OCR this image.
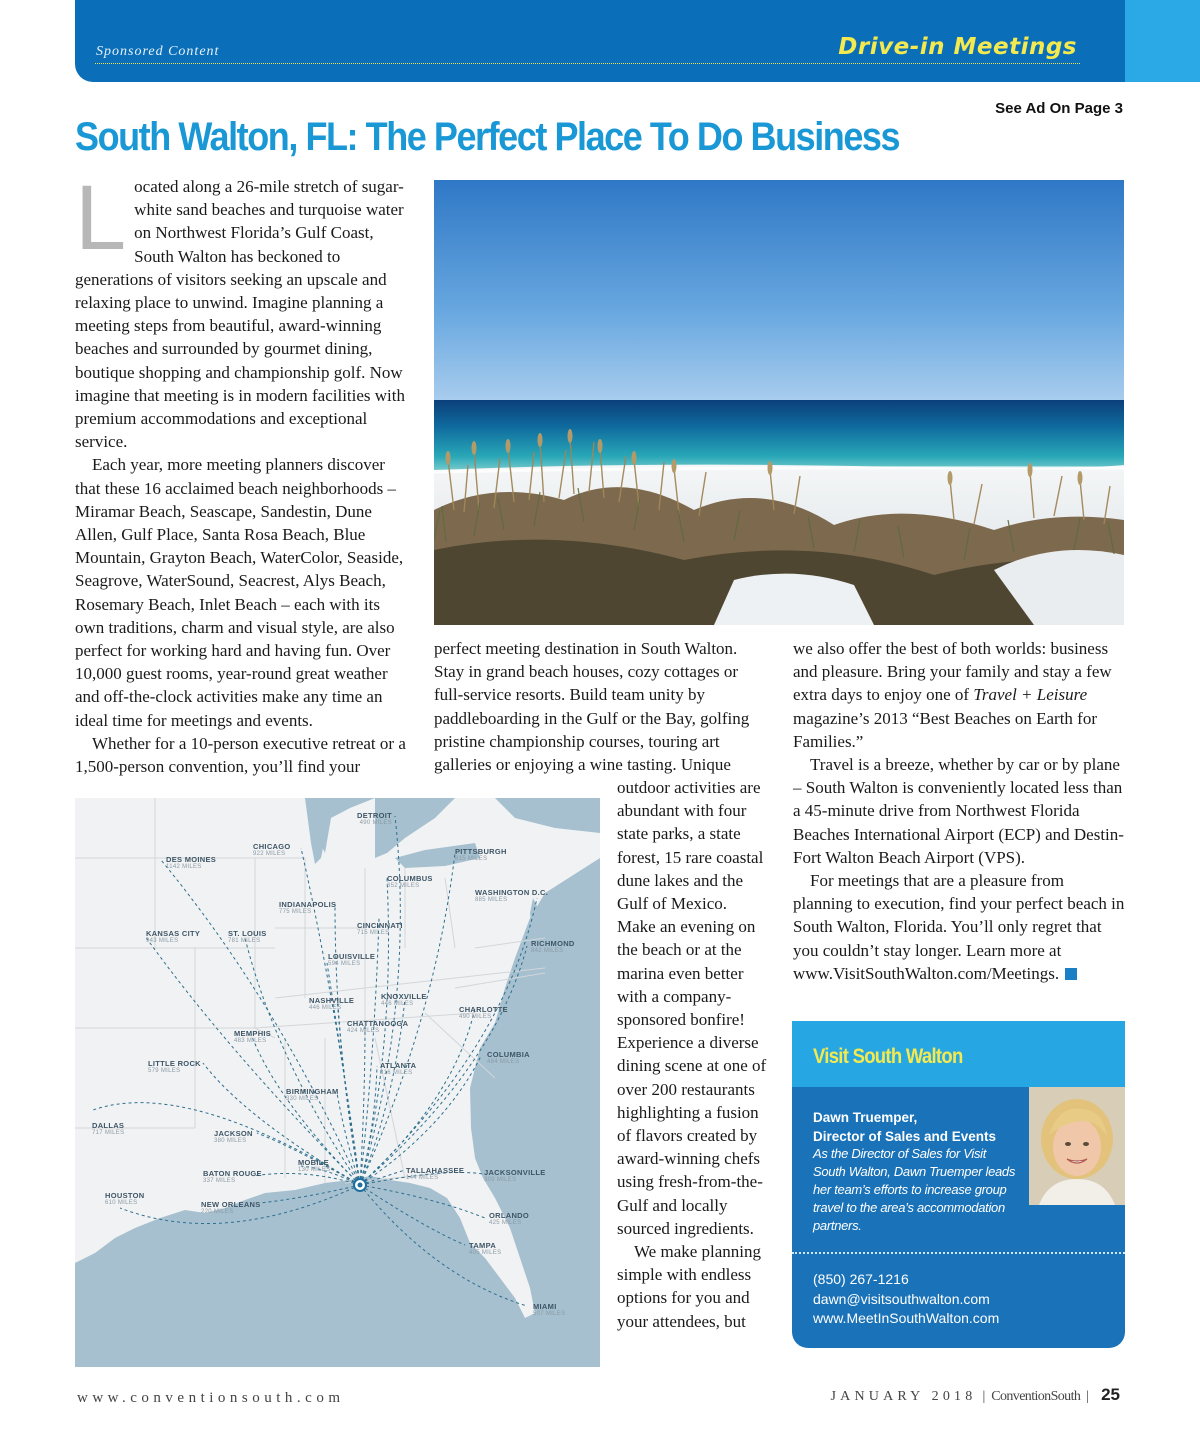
Sponsored Content	Drive-in Meetings
See Ad On Page 3
South Walton, FL: The Perfect Place To Do Business

Located along a 26-mile stretch of sugar-white sand beaches and turquoise water on Northwest Florida’s Gulf Coast, South Walton has beckoned to generations of visitors seeking an upscale and relaxing place to unwind. Imagine planning a meeting steps from beautiful, award-winning beaches and surrounded by gourmet dining, boutique shopping and championship golf. Now imagine that meeting is in modern facilities with premium accommodations and exceptional service.

Each year, more meeting planners discover that these 16 acclaimed beach neighborhoods – Miramar Beach, Seascape, Sandestin, Dune Allen, Gulf Place, Santa Rosa Beach, Blue Mountain, Grayton Beach, WaterColor, Seaside, Seagrove, WaterSound, Seacrest, Alys Beach, Rosemary Beach, Inlet Beach – each with its own traditions, charm and visual style, are also perfect for working hard and having fun. Over 10,000 guest rooms, year-round great weather and off-the-clock activities make any time an ideal time for meetings and events.

Whether for a 10-person executive retreat or a 1,500-person convention, you’ll find your

perfect meeting destination in South Walton. Stay in grand beach houses, cozy cottages or full-service resorts. Build team unity by paddleboarding in the Gulf or the Bay, golfing pristine championship courses, touring art galleries or enjoying a wine tasting. Unique

outdoor activities are abundant with four state parks, a state forest, 15 rare coastal dune lakes and the Gulf of Mexico. Make an evening on the beach or at the marina even better with a company-sponsored bonfire! Experience a diverse dining scene at one of over 200 restaurants highlighting a fusion of flavors created by award-winning chefs using fresh-from-the-Gulf and locally sourced ingredients.

We make planning simple with endless options for you and your attendees, but

we also offer the best of both worlds: business and pleasure. Bring your family and stay a few extra days to enjoy one of Travel + Leisure magazine’s 2013 “Best Beaches on Earth for Families.”

Travel is a breeze, whether by car or by plane – South Walton is conveniently located less than a 45-minute drive from Northwest Florida Beaches International Airport (ECP) and Destin-Fort Walton Beach Airport (VPS).

For meetings that are a pleasure from planning to execution, find your perfect beach in South Walton, Florida. You’ll only regret that you couldn’t stay longer. Learn more at www.VisitSouthWalton.com/Meetings.

DETROIT
490 MILES
CHICAGO
922 MILES	PITTSBURGH
815 MILES
DES MOINES
1142 MILES
COLUMBUS
652 MILES
WASHINGTON D.C.
885 MILES
INDIANAPOLIS
775 MILES
CINCINNATI
715 MILES
KANSAS CITY
943 MILES
ST. LOUIS
781 MILES	RICHMOND
842 MILES
LOUISVILLE
594 MILES
NASHVILLE
446 MILES
KNOXVILLE
446 MILES
CHARLOTTE
490 MILES
CHATTANOOGA
424 MILES
MEMPHIS
483 MILES
COLUMBIA
484 MILES
LITTLE ROCK
579 MILES
ATLANTA
316 MILES
BIRMINGHAM
330 MILES
DALLAS
717 MILES	JACKSON
380 MILES
MOBILE
130 MILES	TALLAHASSEE
144 MILES
JACKSONVILLE
309 MILES
BATON ROUGE
337 MILES
HOUSTON
610 MILES	NEW ORLEANS
220 MILES	ORLANDO
425 MILES
TAMPA
405 MILES
MIAMI
507 MILES
Visit South Walton
Dawn Truemper,
Director of Sales and Events
As the Director of Sales for Visit South Walton, Dawn Truemper leads her team’s efforts to increase group travel to the area’s accommodation partners.
(850) 267-1216
dawn@visitsouthwalton.com
www.MeetInSouthWalton.com
www.conventionsouth.com	JANUARY 2018 | ConventionSouth | 25
